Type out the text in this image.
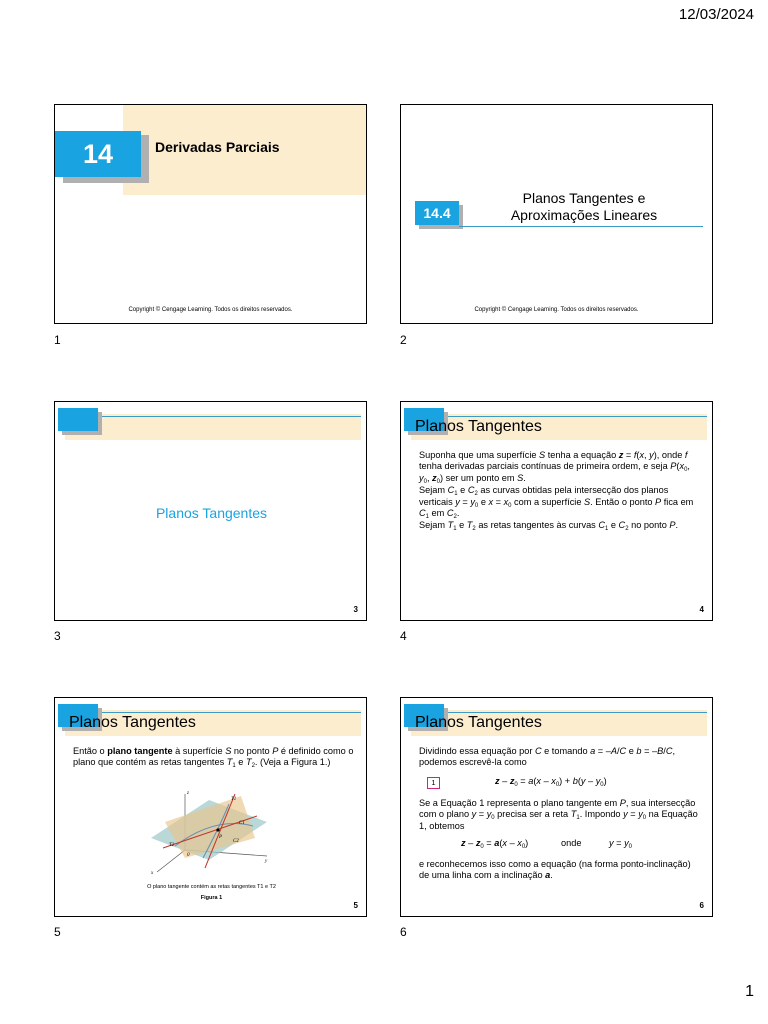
12/03/2024
14	Derivadas Parciais
Copyright © Cengage Learning. Todos os direitos reservados.
1
14.4
Planos Tangentes e
Aproximações Lineares
Copyright © Cengage Learning. Todos os direitos reservados.
2
Planos Tangentes
3
3
Planos Tangentes

Suponha que uma superfície S tenha a equação z = f(x, y), onde f tenha derivadas parciais contínuas de primeira ordem, e seja $P(x_0$, $y_0$, $z_0$) ser um ponto em S.

Sejam $C_1$ e $C_2$ as curvas obtidas pela intersecção dos planos verticais $y = y_0$ e $x = x_0$ com a superfície S. Então o ponto P fica em $C_1$ em $C_2$.

Sejam $T_1$ e $T_2$ as retas tangentes às curvas $C_1$ e $C_2$ no ponto P.

4
4
Planos Tangentes
Então o plano tangente à superfície S no ponto P é definido como o plano que contém as retas tangentes $T_1$ e $T_2$. (Veja a Figura 1.)
z
y
x
0
T1
T2
C1
C2
P
O plano tangente contém as retas tangentes T1 e T2
Figura 1
5
5
Planos Tangentes

Dividindo essa equação por C e tomando a = –A/C e b = –B/C, podemos escrevê-la como

1	$z - z_0 = a(x - x_0) + b(y - y_0)$

Se a Equação 1 representa o plano tangente em P, sua intersecção com o plano $y = y_0$ precisa ser a reta $T_1$. Impondo $y = y_0$ na Equação 1, obtemos

$z - z_0 = a(x - x_0)$	onde	$y = y_0$

e reconhecemos isso como a equação (na forma ponto-inclinação) de uma linha com a inclinação a.

6
6
1
